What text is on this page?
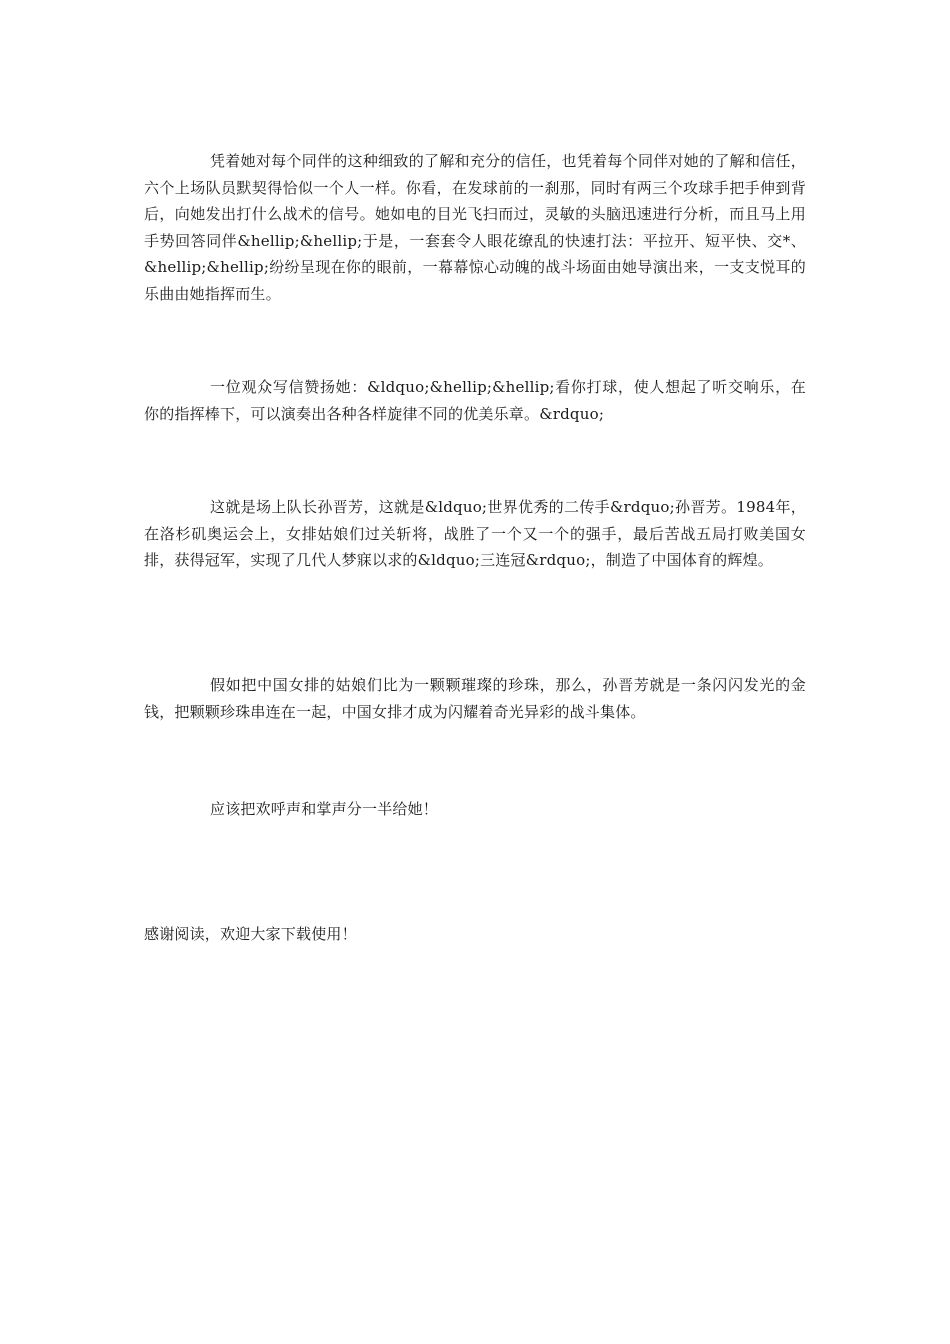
凭着她对每个同伴的这种细致的了解和充分的信任，也凭着每个同伴对她的了解和信任，六个上场队员默契得恰似一个人一样。你看，在发球前的一刹那，同时有两三个攻球手把手伸到背后，向她发出打什么战术的信号。她如电的目光飞扫而过，灵敏的头脑迅速进行分析，而且马上用手势回答同伴&hellip;&hellip;于是，一套套令人眼花缭乱的快速打法：平拉开、短平快、交*、&hellip;&hellip;纷纷呈现在你的眼前，一幕幕惊心动魄的战斗场面由她导演出来，一支支悦耳的乐曲由她指挥而生。

一位观众写信赞扬她：&ldquo;&hellip;&hellip;看你打球，使人想起了听交响乐，在你的指挥棒下，可以演奏出各种各样旋律不同的优美乐章。&rdquo;

这就是场上队长孙晋芳，这就是&ldquo;世界优秀的二传手&rdquo;孙晋芳。1984年，在洛杉矶奥运会上，女排姑娘们过关斩将，战胜了一个又一个的强手，最后苦战五局打败美国女排，获得冠军，实现了几代人梦寐以求的&ldquo;三连冠&rdquo;，制造了中国体育的辉煌。

假如把中国女排的姑娘们比为一颗颗璀璨的珍珠，那么，孙晋芳就是一条闪闪发光的金钱，把颗颗珍珠串连在一起，中国女排才成为闪耀着奇光异彩的战斗集体。

应该把欢呼声和掌声分一半给她！

感谢阅读，欢迎大家下载使用！
